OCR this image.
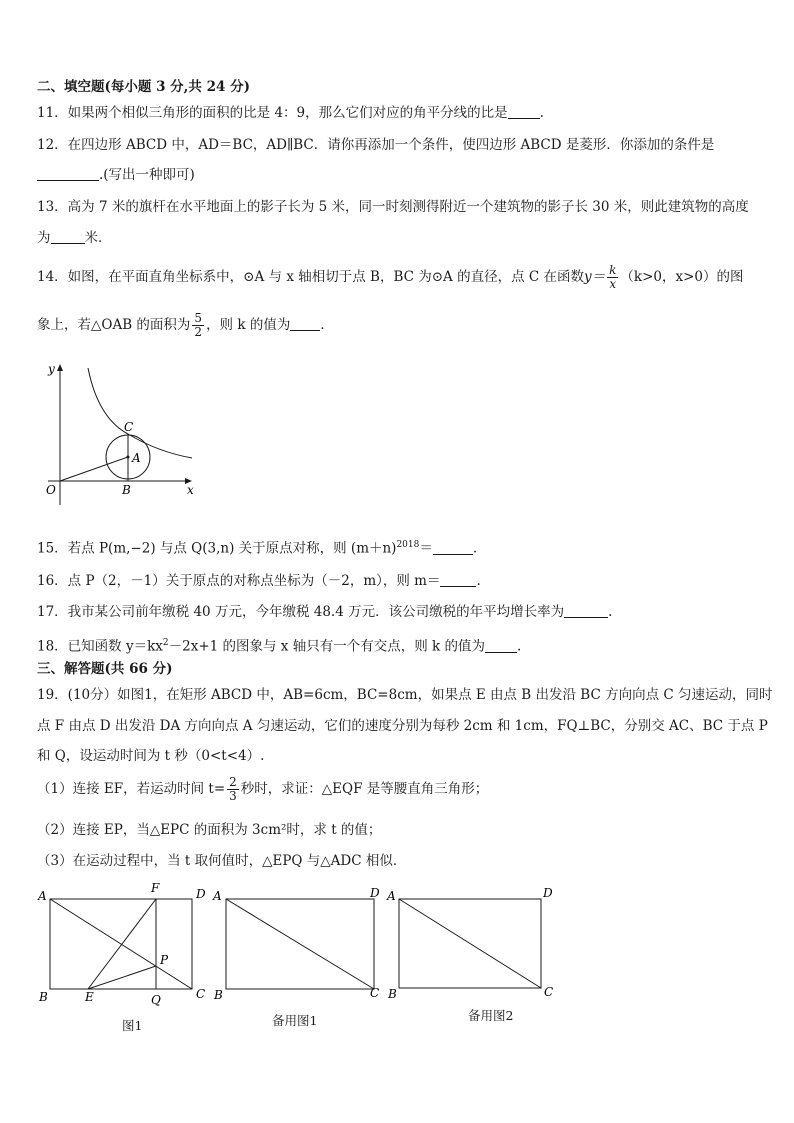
二、填空题(每小题 3 分,共 24 分)
11．如果两个相似三角形的面积的比是 4：9，那么它们对应的角平分线的比是 .
12．在四边形 ABCD 中，AD＝BC，AD∥BC．请你再添加一个条件，使四边形 ABCD 是菱形．你添加的条件是
.(写出一种即可)
13．高为 7 米的旗杆在水平地面上的影子长为 5 米，同一时刻测得附近一个建筑物的影子长 30 米，则此建筑物的高度
为	米．
14．如图，在平面直角坐标系中，⊙A 与 x 轴相切于点 B，BC 为⊙A 的直径，点 C 在函数$y= \frac{k}{x} (k>0$，x>0）的图
象上，若△OAB 的面积为 $\frac{5}{2}$ ，则 k 的值为 ．
y
x
O	B
C
A
15．若点 P(m,−2) 与点 Q(3,n) 关于原点对称，则 $(m+n)^{2018}=$	.
16．点 P（2，－1）关于原点的对称点坐标为（－2，m），则 m＝	.
17．我市某公司前年缴税 40 万元，今年缴税 48.4 万元．该公司缴税的年平均增长率为	.
18．已知函数 $y=kx^2-2x+1$ 的图象与 x 轴只有一个有交点，则 k 的值为 .
三、解答题(共 66 分)
19．(10分）如图1，在矩形 ABCD 中，AB=6cm，BC=8cm，如果点 E 由点 B 出发沿 BC 方向向点 C 匀速运动，同时
点 F 由点 D 出发沿 DA 方向向点 A 匀速运动，它们的速度分别为每秒 2cm 和 1cm，FQ⊥BC，分别交 AC、BC 于点 P
和 Q，设运动时间为 t 秒（0<t<4）.
（1）连接 EF，若运动时间 $t= \frac{2}{3}$ 秒时，求证：△EQF 是等腰直角三角形；
（2）连接 EP，当△EPC 的面积为 3cm²时，求 t 的值；
（3）在运动过程中，当 t 取何值时，△EPQ 与△ADC 相似．
A
B	C
D
E
F
P
Q
图1
A
B	C
D
备用图1
A
B	C
D
备用图2
